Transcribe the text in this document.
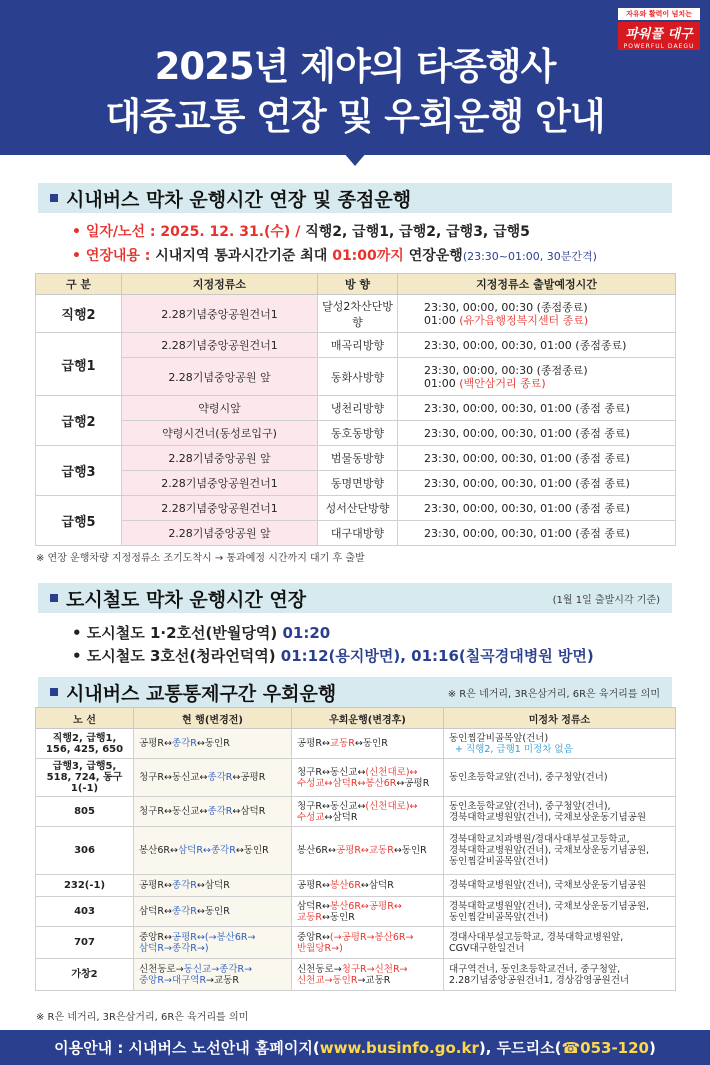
자유와 활력이 넘치는
파워풀 대구
POWERFUL DAEGU
2025년 제야의 타종행사
대중교통 연장 및 우회운행 안내
시내버스 막차 운행시간 연장 및 종점운행
• 일자/노선 : 2025. 12. 31.(수) / 직행2, 급행1, 급행2, 급행3, 급행5
• 연장내용 : 시내지역 통과시간기준 최대 01:00까지 연장운행(23:30~01:00, 30분간격)
구 분	지정정류소	방 향	지정정류소 출발예정시간
직행2	2.28기념중앙공원건너1	달성2차산단방향	23:30, 00:00, 00:30 (종점종료)
01:00 (유가읍행정복지센터 종료)
급행1	2.28기념중앙공원건너1	매곡리방향	23:30, 00:00, 00:30, 01:00 (종점종료)
	2.28기념중앙공원 앞	동화사방향	23:30, 00:00, 00:30 (종점종료)
01:00 (백안삼거리 종료)
급행2	약령시앞	냉천리방향	23:30, 00:00, 00:30, 01:00 (종점 종료)
	약령시건너(동성로입구)	동호동방향	23:30, 00:00, 00:30, 01:00 (종점 종료)
급행3	2.28기념중앙공원 앞	범물동방향	23:30, 00:00, 00:30, 01:00 (종점 종료)
	2.28기념중앙공원건너1	동명면방향	23:30, 00:00, 00:30, 01:00 (종점 종료)
급행5	2.28기념중앙공원건너1	성서산단방향	23:30, 00:00, 00:30, 01:00 (종점 종료)
	2.28기념중앙공원 앞	대구대방향	23:30, 00:00, 00:30, 01:00 (종점 종료)
※ 연장 운행차량 지정정류소 조기도착시 → 통과예정 시간까지 대기 후 출발
도시철도 막차 운행시간 연장	(1월 1일 출발시각 기준)
• 도시철도 1·2호선(반월당역) 01:20
• 도시철도 3호선(청라언덕역) 01:12(용지방면), 01:16(칠곡경대병원 방면)
시내버스 교통통제구간 우회운행	※ R은 네거리, 3R은삼거리, 6R은 육거리를 의미
노 선	현 행(변경전)	우회운행(변경후)	미정차 정류소
직행2, 급행1, 156, 425, 650	공평R↔종각R↔동인R	공평R↔교동R↔동인R	동인찜갈비골목앞(건너)
+ 직행2, 급행1 미정차 없음
급행3, 급행5, 518, 724, 동구1(-1)	청구R↔동신교↔종각R↔공평R	청구R↔동신교↔(신천대로)↔
수성교↔삼덕R↔봉산6R↔공평R	동인초등학교앞(건너), 중구청앞(건너)
805	청구R↔동신교↔종각R↔삼덕R	청구R↔동신교↔(신천대로)↔
수성교↔삼덕R	동인초등학교앞(건너), 중구청앞(건너),
경북대학교병원앞(건너), 국채보상운동기념공원
306	봉산6R↔삼덕R↔종각R↔동인R	봉산6R↔공평R↔교동R↔동인R	경북대학교치과병원/경대사대부설고등학교,
경북대학교병원앞(건너), 국채보상운동기념공원,
동인찜갈비골목앞(건너)
232(-1)	공평R↔종각R↔삼덕R	공평R↔봉산6R↔삼덕R	경북대학교병원앞(건너), 국채보상운동기념공원
403	삼덕R↔종각R↔동인R	삼덕R↔봉산6R↔공평R↔
교동R↔동인R	경북대학교병원앞(건너), 국채보상운동기념공원,
동인찜갈비골목앞(건너)
707	중앙R↔공평R↔(→봉산6R→
삼덕R→종각R→)	중앙R↔(→공평R→봉산6R→
반월당R→)	경대사대부설고등학교, 경북대학교병원앞,
CGV대구한일건너
가창2	신천동로→동신교→종각R→
중앙R→대구역R→교동R	신천동로→청구R→신천R→
신천교→동인R→교동R	대구역건너, 동인초등학교건너, 중구청앞,
2.28기념중앙공원건너1, 경상감영공원건너
※ R은 네거리, 3R은삼거리, 6R은 육거리를 의미
이용안내 : 시내버스 노선안내 홈페이지( www.businfo.go.kr ), 두드리소( ☎053-120 )
